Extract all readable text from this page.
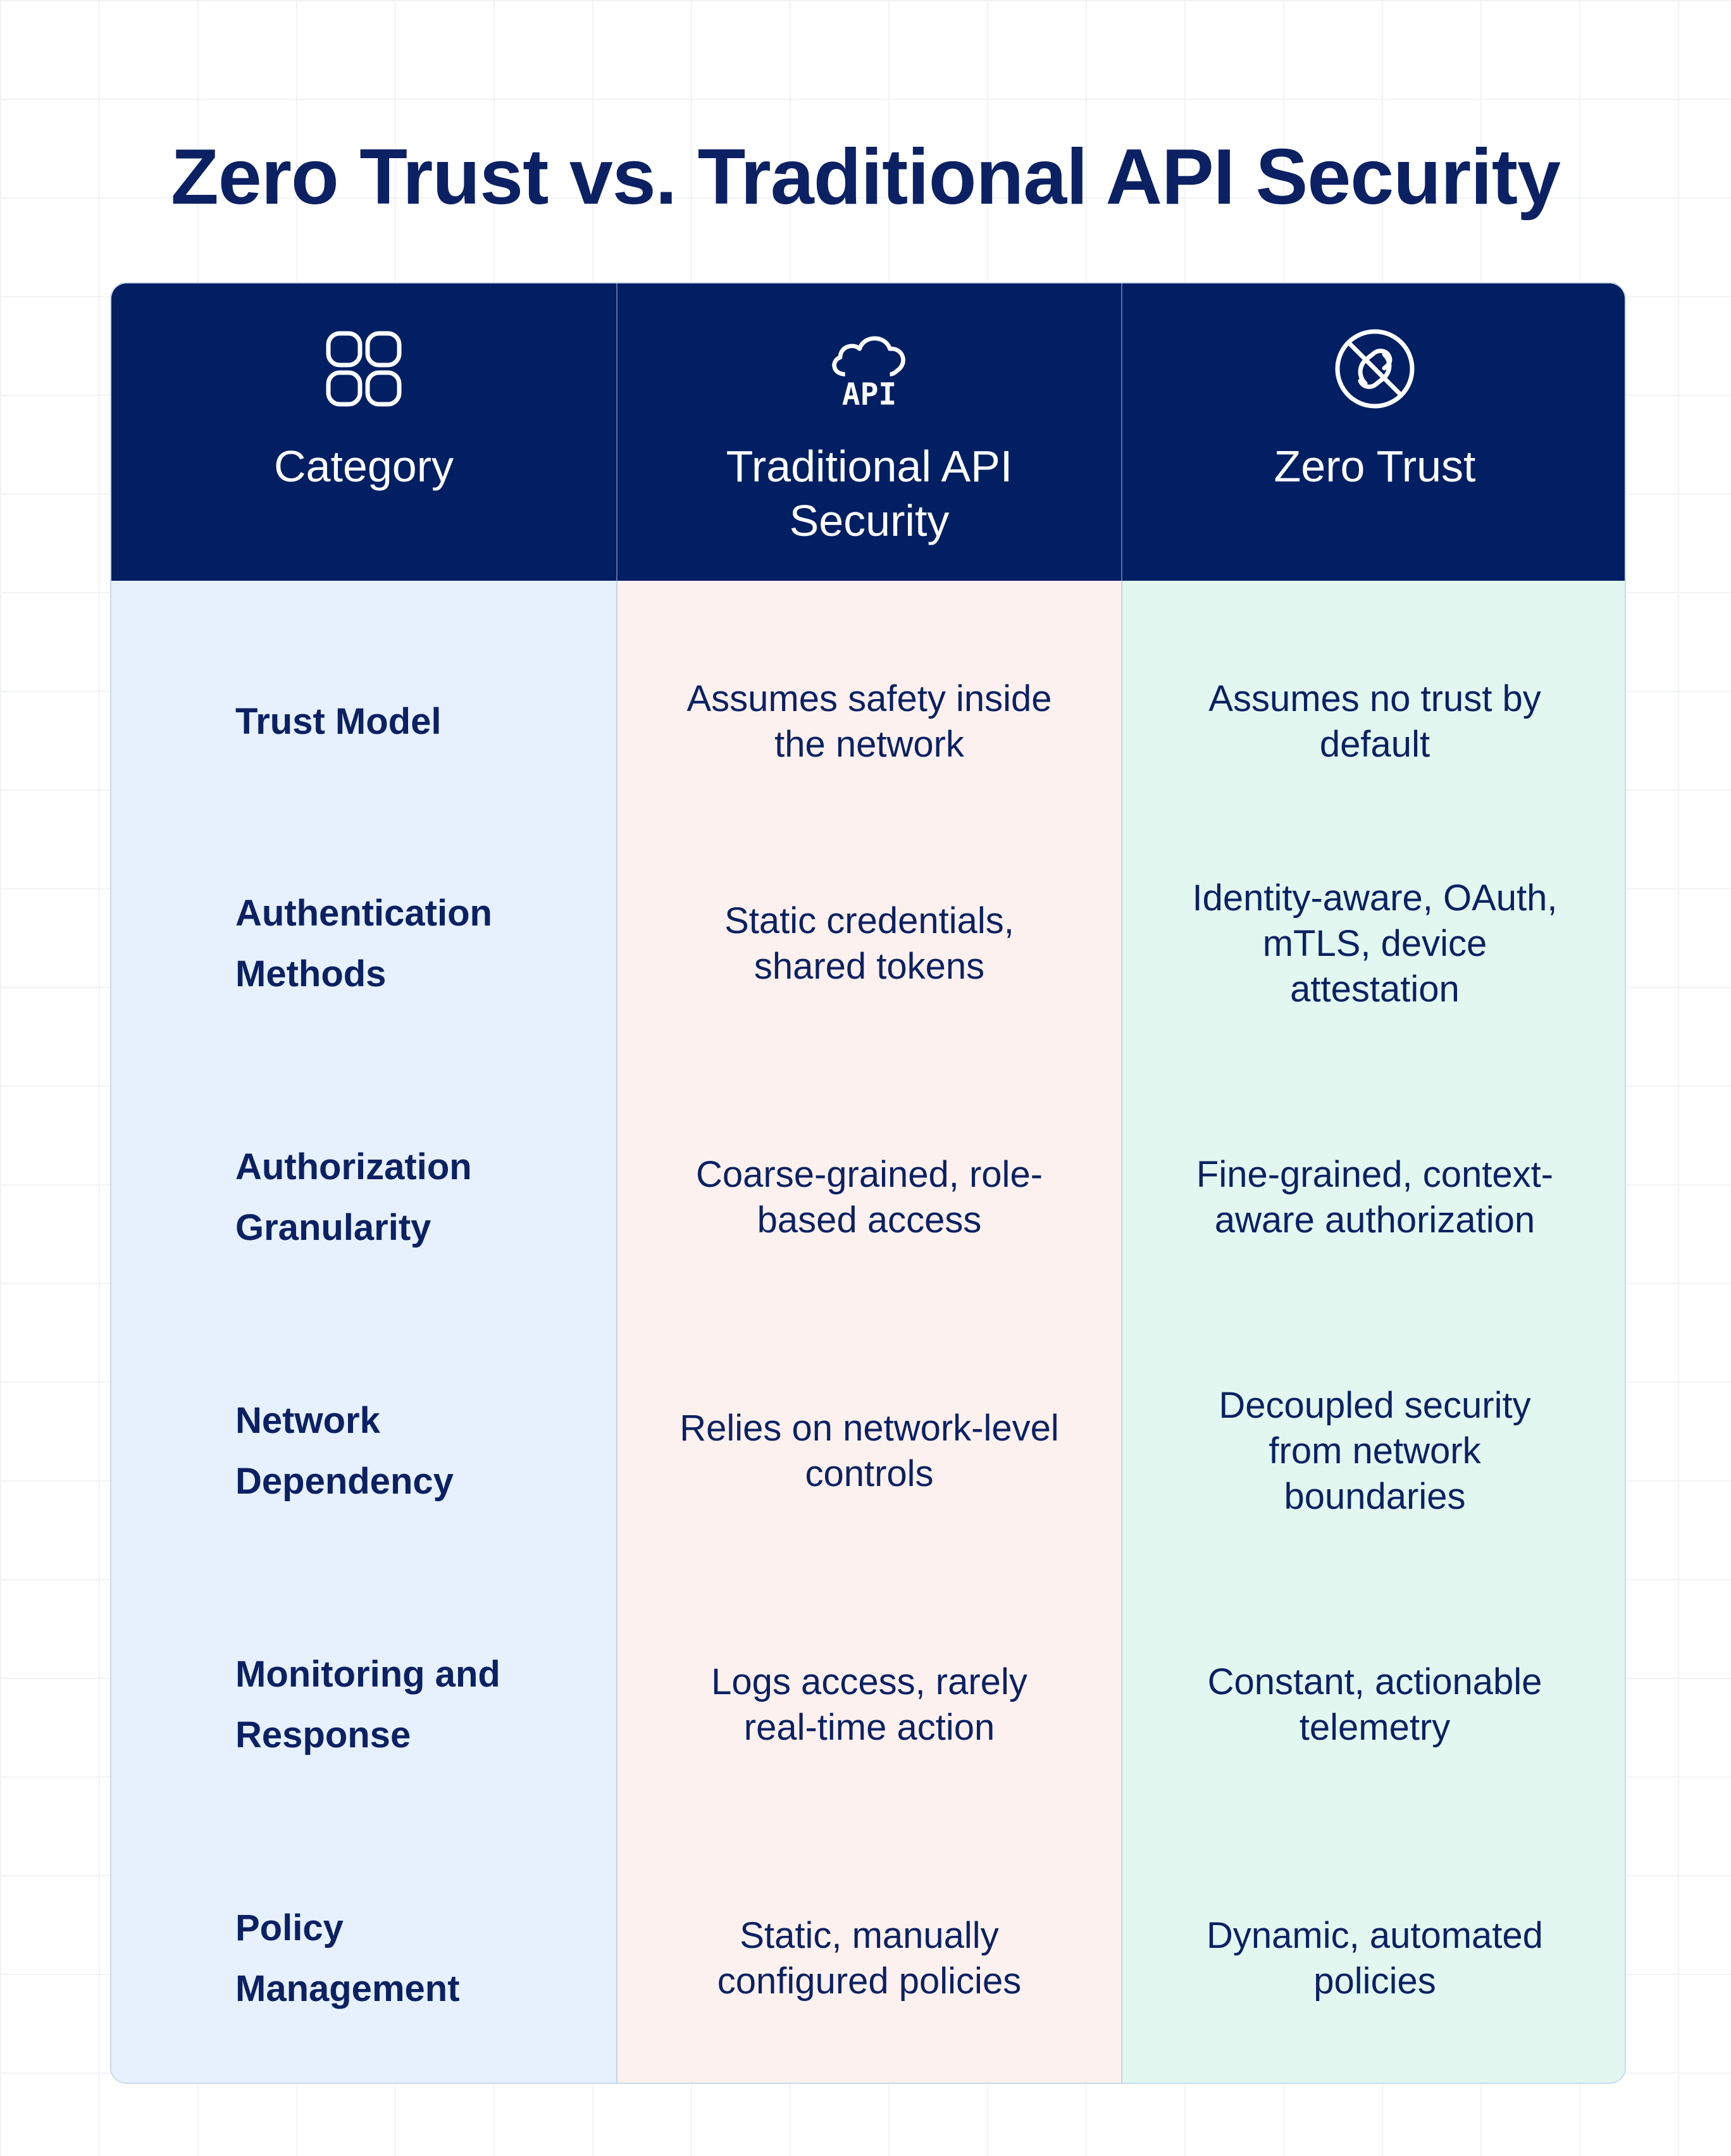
Zero Trust vs. Traditional API Security
Category
API
Traditional API Security
Zero Trust
Trust Model
Authentication Methods
Authorization Granularity
Network Dependency
Monitoring and Response
Policy Management
Assumes safety inside the network
Static credentials, shared tokens
Coarse-grained, role-based access
Relies on network-level controls
Logs access, rarely real-time action
Static, manually configured policies
Assumes no trust by default
Identity-aware, OAuth, mTLS, device attestation
Fine-grained, context-aware authorization
Decoupled security from network boundaries
Constant, actionable telemetry
Dynamic, automated policies
